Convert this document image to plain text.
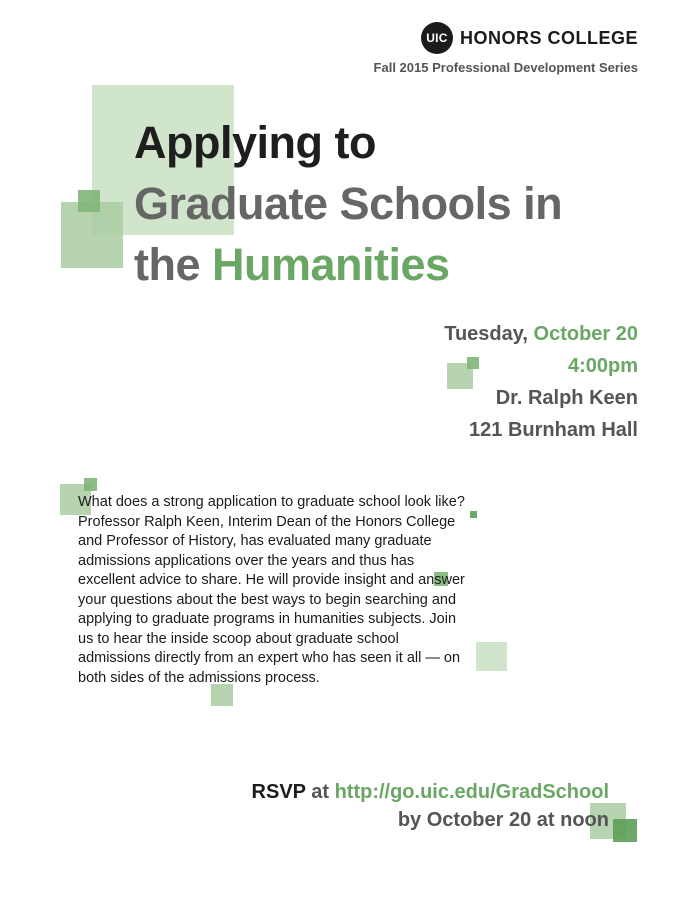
UIC HONORS COLLEGE
Fall 2015 Professional Development Series
Applying to
Graduate Schools in
the Humanities
Tuesday, October 20
4:00pm
Dr. Ralph Keen
121 Burnham Hall
What does a strong application to graduate school look like? Professor Ralph Keen, Interim Dean of the Honors College and Professor of History, has evaluated many graduate admissions applications over the years and thus has excellent advice to share. He will provide insight and answer your questions about the best ways to begin searching and applying to graduate programs in humanities subjects. Join us to hear the inside scoop about graduate school admissions directly from an expert who has seen it all — on both sides of the admissions process.
RSVP at http://go.uic.edu/GradSchool
by October 20 at noon
